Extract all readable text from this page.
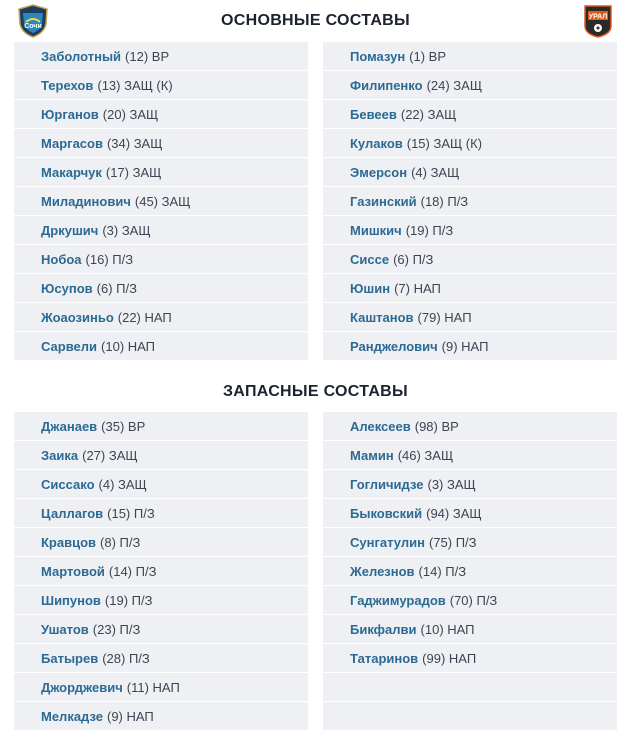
Сочи
УРАЛ
ОСНОВНЫЕ СОСТАВЫ
Заболотный (12) ВР
Терехов (13) ЗАЩ (К)
Юрганов (20) ЗАЩ
Маргасов (34) ЗАЩ
Макарчук (17) ЗАЩ
Миладинович (45) ЗАЩ
Дркушич (3) ЗАЩ
Нобоа (16) П/З
Юсупов (6) П/З
Жоаозиньо (22) НАП
Сарвели (10) НАП
Помазун (1) ВР
Филипенко (24) ЗАЩ
Бевеев (22) ЗАЩ
Кулаков (15) ЗАЩ (К)
Эмерсон (4) ЗАЩ
Газинский (18) П/З
Мишкич (19) П/З
Сиссе (6) П/З
Юшин (7) НАП
Каштанов (79) НАП
Ранджелович (9) НАП
ЗАПАСНЫЕ СОСТАВЫ
Джанаев (35) ВР
Заика (27) ЗАЩ
Сиссако (4) ЗАЩ
Цаллагов (15) П/З
Кравцов (8) П/З
Мартовой (14) П/З
Шипунов (19) П/З
Ушатов (23) П/З
Батырев (28) П/З
Джорджевич (11) НАП
Мелкадзе (9) НАП
Алексеев (98) ВР
Мамин (46) ЗАЩ
Гогличидзе (3) ЗАЩ
Быковский (94) ЗАЩ
Сунгатулин (75) П/З
Железнов (14) П/З
Гаджимурадов (70) П/З
Бикфалви (10) НАП
Татаринов (99) НАП
